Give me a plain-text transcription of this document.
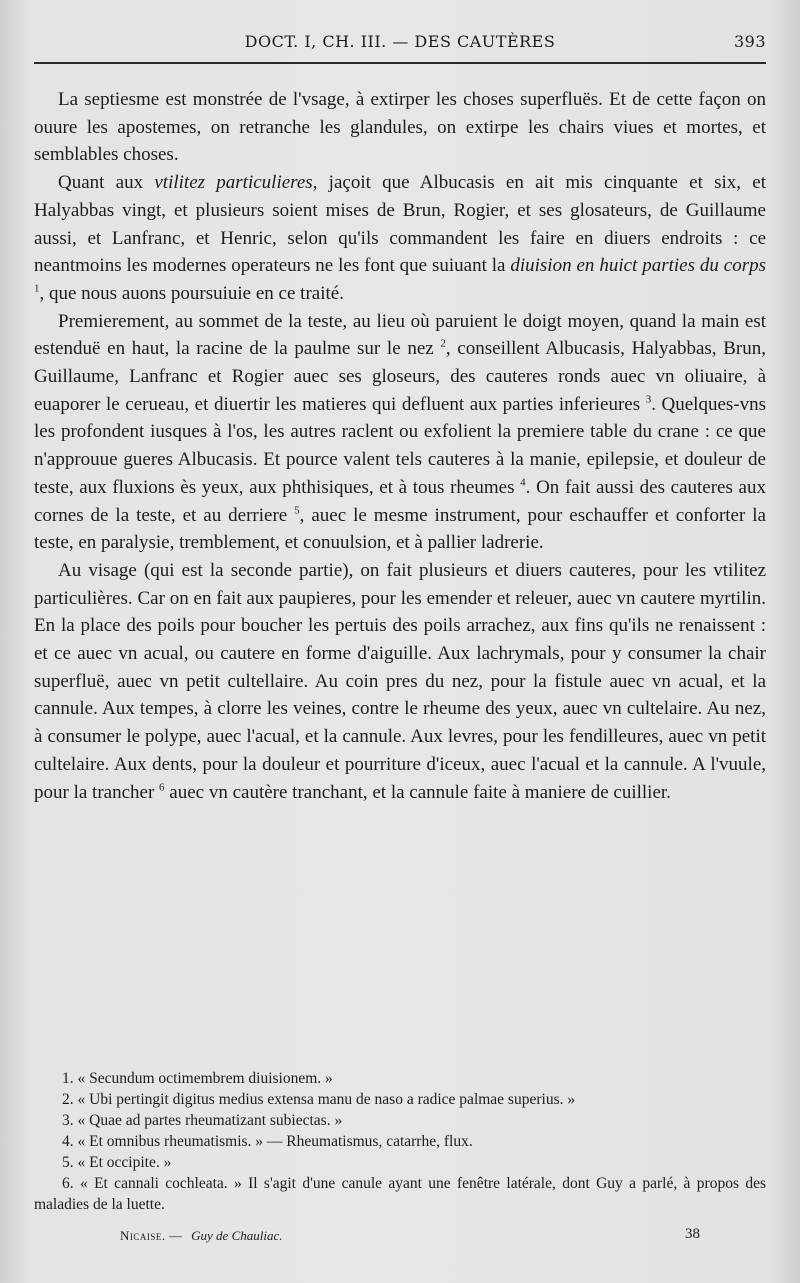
DOCT. I, CH. III. — DES CAUTÈRES	393

La septiesme est monstrée de l'vsage, à extirper les choses superfluës. Et de cette façon on ouure les apostemes, on retranche les glandules, on extirpe les chairs viues et mortes, et semblables choses.

Quant aux vtilitez particulieres, jaçoit que Albucasis en ait mis cinquante et six, et Halyabbas vingt, et plusieurs soient mises de Brun, Rogier, et ses glosateurs, de Guillaume aussi, et Lanfranc, et Henric, selon qu'ils commandent les faire en diuers endroits : ce neantmoins les modernes operateurs ne les font que suiuant la diuision en huict parties du corps $^1$, que nous auons poursuiuie en ce traité.

Premierement, au sommet de la teste, au lieu où paruient le doigt moyen, quand la main est estenduë en haut, la racine de la paulme sur le nez $^2$, conseillent Albucasis, Halyabbas, Brun, Guillaume, Lanfranc et Rogier auec ses gloseurs, des cauteres ronds auec vn oliuaire, à euaporer le cerueau, et diuertir les matieres qui defluent aux parties inferieures $^3$. Quelques-vns les profondent iusques à l'os, les autres raclent ou exfolient la premiere table du crane : ce que n'approuue gueres Albucasis. Et pource valent tels cauteres à la manie, epilepsie, et douleur de teste, aux fluxions ès yeux, aux phthisiques, et à tous rheumes $^4$. On fait aussi des cauteres aux cornes de la teste, et au derriere $^5$, auec le mesme instrument, pour eschauffer et conforter la teste, en paralysie, tremblement, et conuulsion, et à pallier ladrerie.

Au visage (qui est la seconde partie), on fait plusieurs et diuers cauteres, pour les vtilitez particulières. Car on en fait aux paupieres, pour les emender et releuer, auec vn cautere myrtilin. En la place des poils pour boucher les pertuis des poils arrachez, aux fins qu'ils ne renaissent : et ce auec vn acual, ou cautere en forme d'aiguille. Aux lachrymals, pour y consumer la chair superfluë, auec vn petit cultellaire. Au coin pres du nez, pour la fistule auec vn acual, et la cannule. Aux tempes, à clorre les veines, contre le rheume des yeux, auec vn cultelaire. Au nez, à consumer le polype, auec l'acual, et la cannule. Aux levres, pour les fendilleures, auec vn petit cultelaire. Aux dents, pour la douleur et pourriture d'iceux, auec l'acual et la cannule. A l'vuule, pour la trancher $^6$ auec vn cautère tranchant, et la cannule faite à maniere de cuillier.

1. « Secundum octimembrem diuisionem. »
2. « Ubi pertingit digitus medius extensa manu de naso a radice palmae superius. »
3. « Quae ad partes rheumatizant subiectas. »
4. « Et omnibus rheumatismis. » — Rheumatismus, catarrhe, flux.
5. « Et occipite. »
6. « Et cannali cochleata. » Il s'agit d'une canule ayant une fenêtre latérale, dont Guy a parlé, à propos des maladies de la luette.
Nicaise. — Guy de Chauliac.	38
